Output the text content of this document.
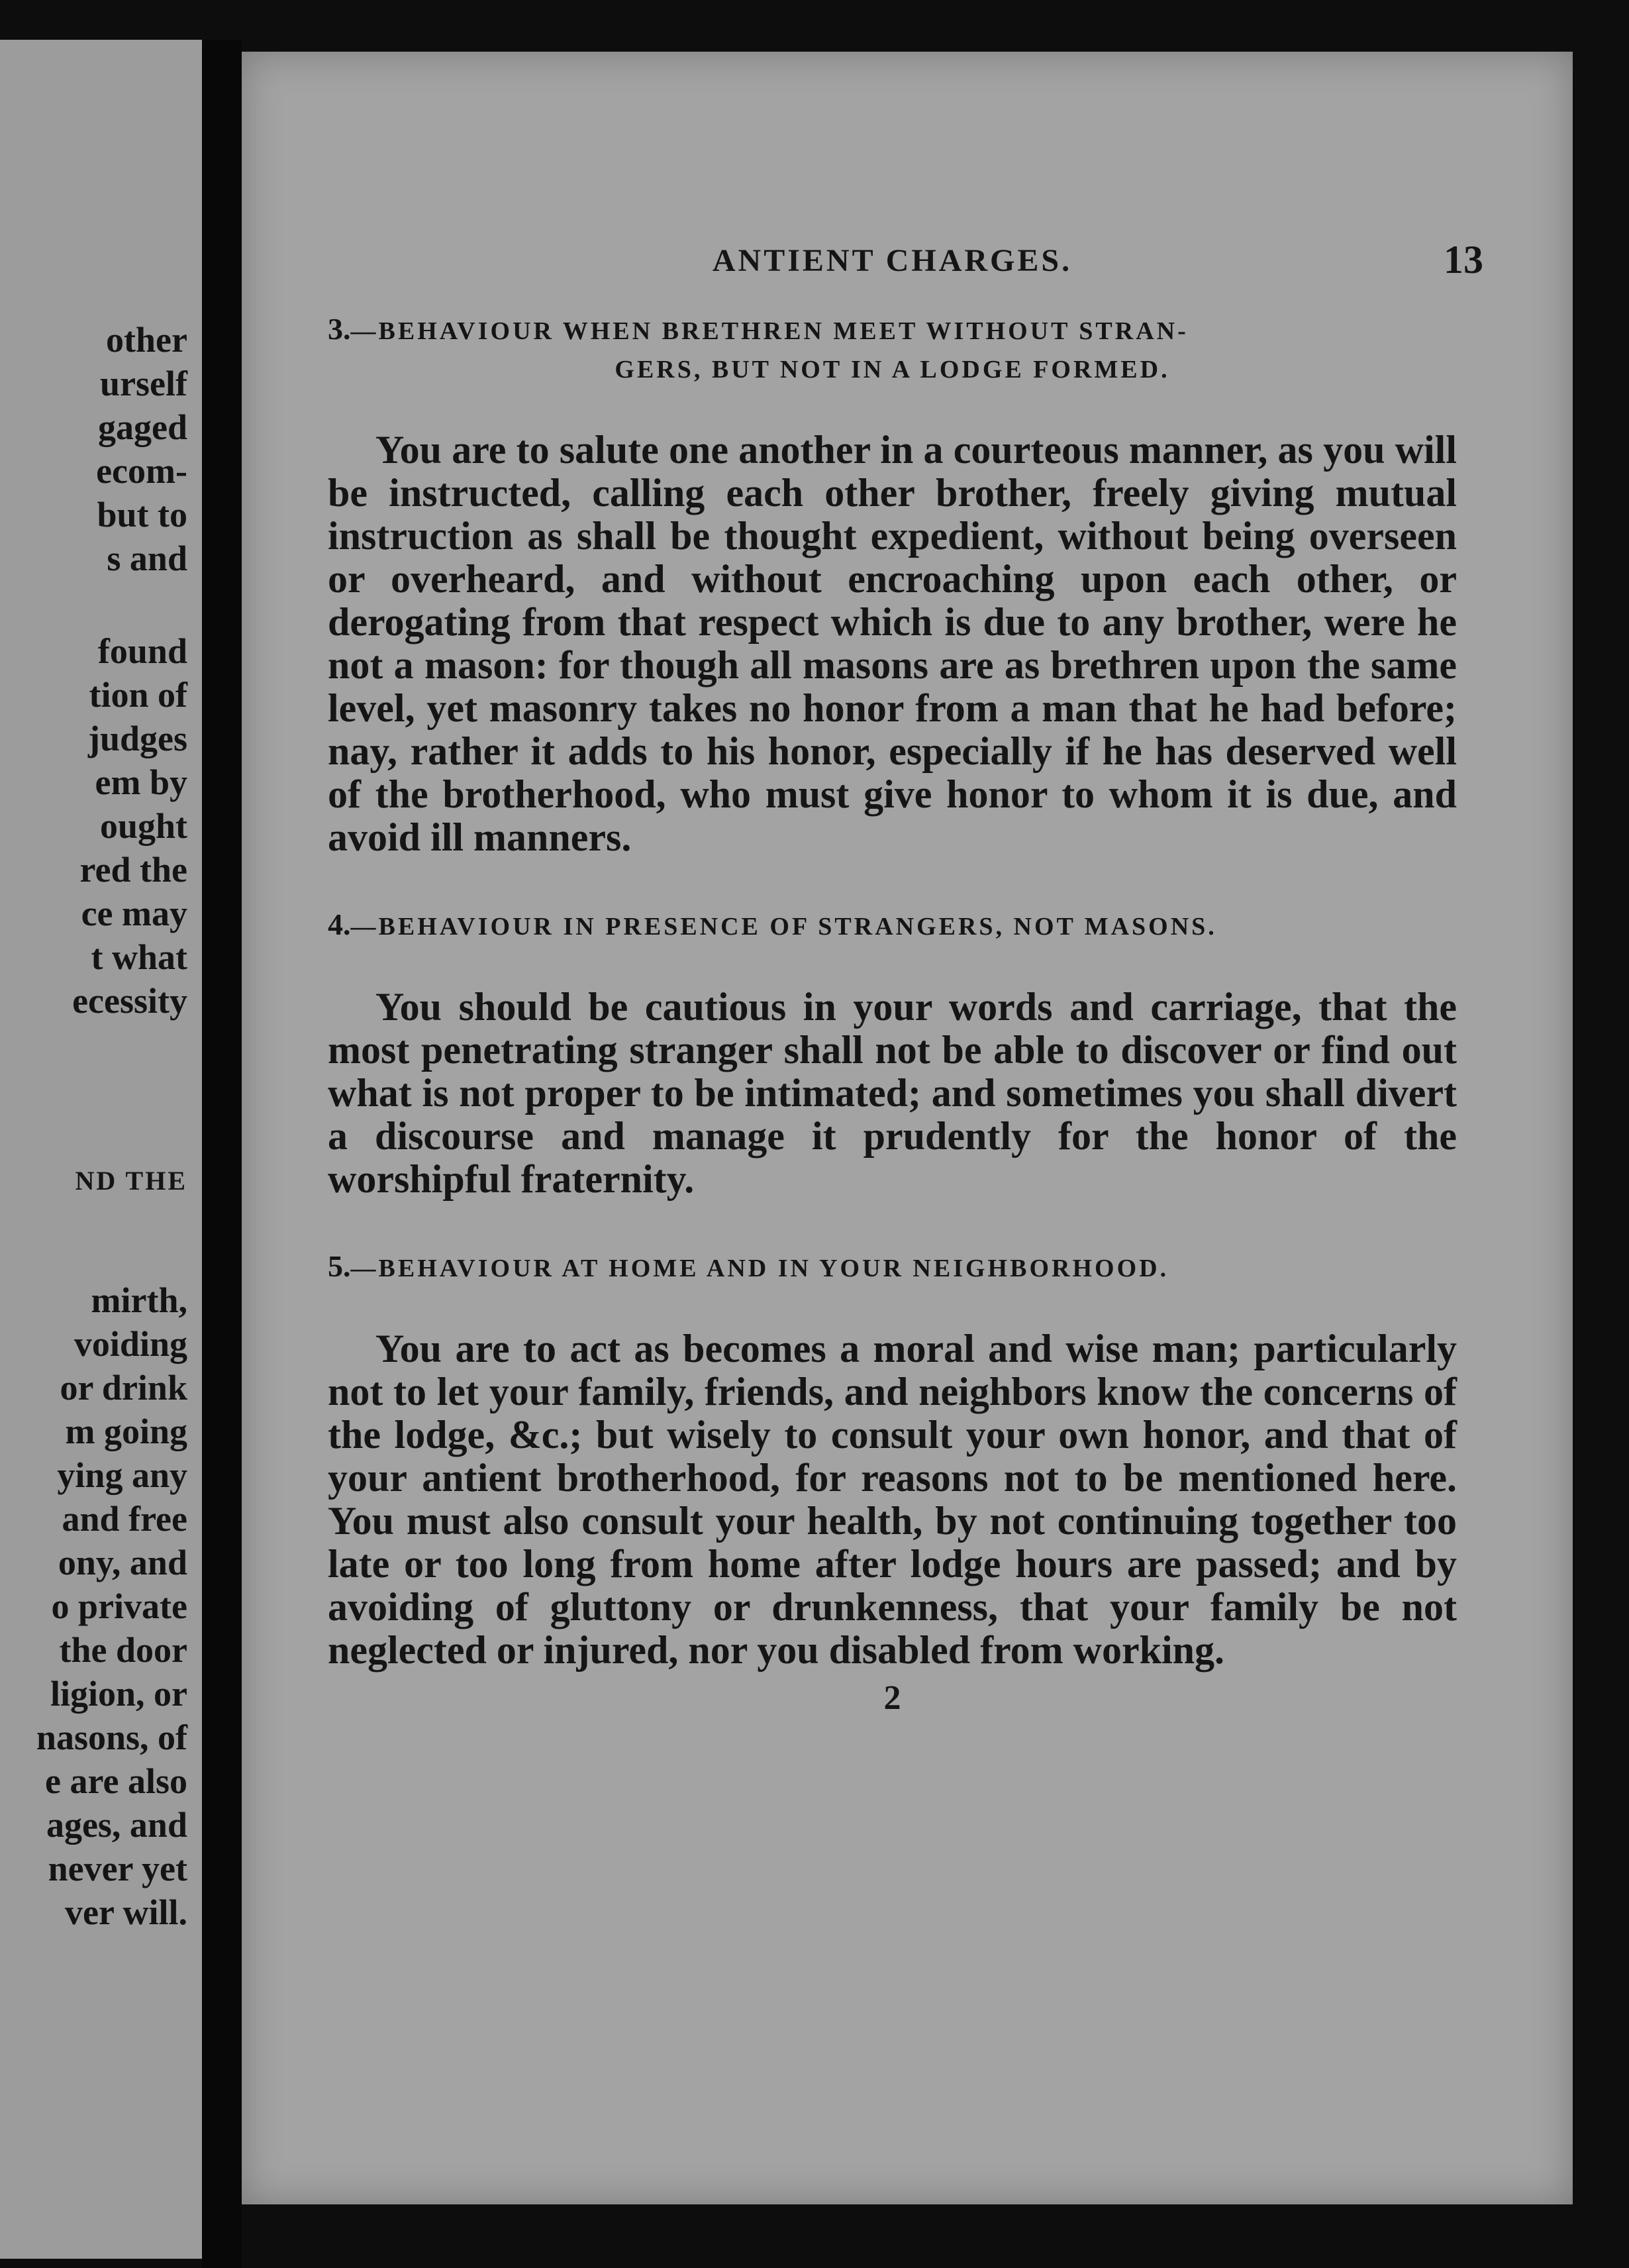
other
urself
gaged
ecom-
but to
s and
found
tion of
judges
em by
ought
red the
ce may
t what
ecessity
ND THE
mirth,
voiding
or drink
m going
ying any
and free
ony, and
o private
the door
ligion, or
nasons, of
e are also
ages, and
never yet
ver will.
ANTIENT CHARGES.	13
3.—BEHAVIOUR WHEN BRETHREN MEET WITHOUT STRAN-
GERS, BUT NOT IN A LODGE FORMED.

You are to salute one another in a courteous manner, as you will be instructed, calling each other brother, freely giving mutual instruction as shall be thought expedient, without being overseen or overheard, and without encroaching upon each other, or derogating from that respect which is due to any brother, were he not a mason: for though all masons are as brethren upon the same level, yet masonry takes no honor from a man that he had before; nay, rather it adds to his honor, especially if he has deserved well of the brotherhood, who must give honor to whom it is due, and avoid ill manners.

4.—BEHAVIOUR IN PRESENCE OF STRANGERS, NOT MASONS.

You should be cautious in your words and carriage, that the most penetrating stranger shall not be able to discover or find out what is not proper to be intimated; and sometimes you shall divert a discourse and manage it prudently for the honor of the worshipful fraternity.

5.—BEHAVIOUR AT HOME AND IN YOUR NEIGHBORHOOD.

You are to act as becomes a moral and wise man; particularly not to let your family, friends, and neighbors know the concerns of the lodge, &c.; but wisely to consult your own honor, and that of your antient brotherhood, for reasons not to be mentioned here. You must also consult your health, by not continuing together too late or too long from home after lodge hours are passed; and by avoiding of gluttony or drunkenness, that your family be not neglected or injured, nor you disabled from working.

2
